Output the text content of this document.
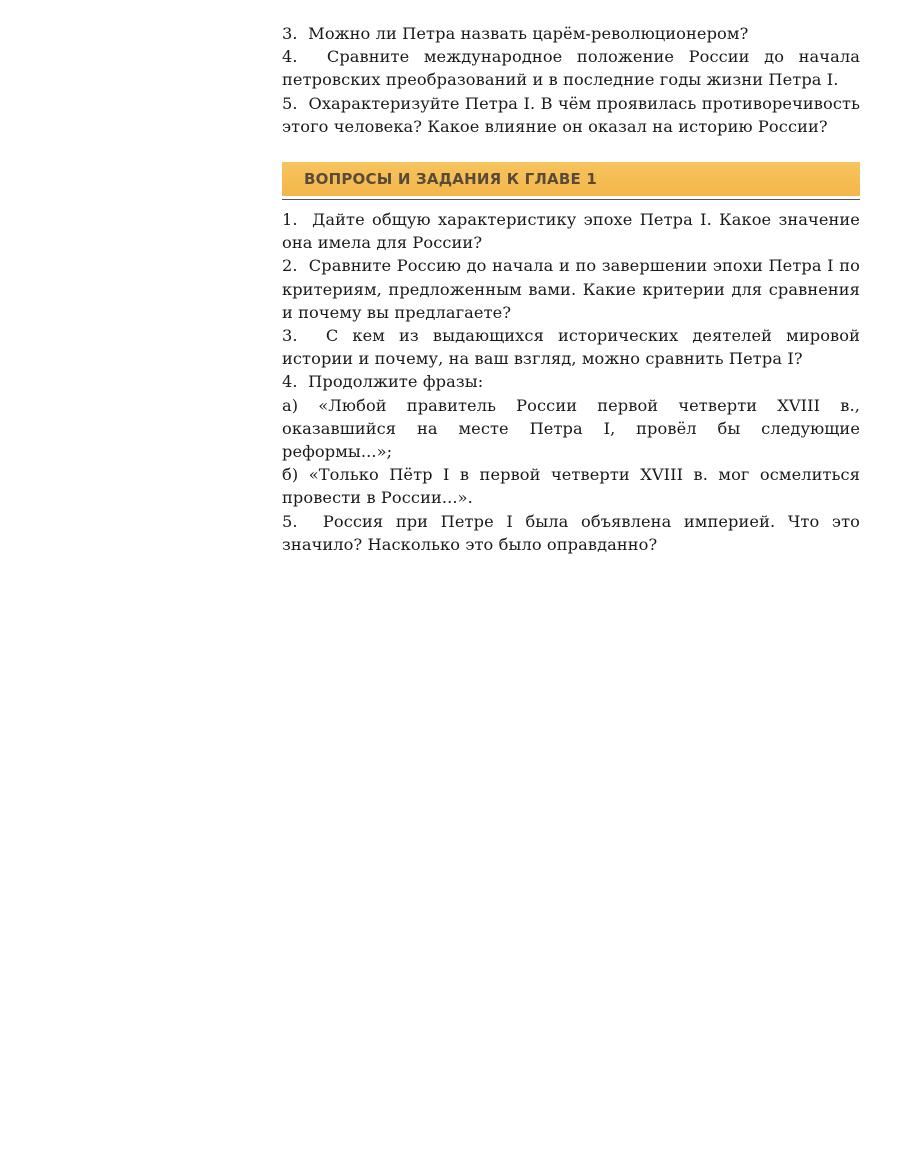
3. Можно ли Петра назвать царём-революционером?

4. Сравните международное положение России до начала петровских преобразований и в последние годы жизни Петра I.

5. Охарактеризуйте Петра I. В чём проявилась противоречивость этого человека? Какое влияние он оказал на историю России?

ВОПРОСЫ И ЗАДАНИЯ К ГЛАВЕ 1

1. Дайте общую характеристику эпохе Петра I. Какое значение она имела для России?

2. Сравните Россию до начала и по завершении эпохи Петра I по критериям, предложенным вами. Какие критерии для сравнения и почему вы предлагаете?

3. С кем из выдающихся исторических деятелей мировой истории и почему, на ваш взгляд, можно сравнить Петра I?

4. Продолжите фразы:

а) «Любой правитель России первой четверти XVIII в., оказавшийся на месте Петра I, провёл бы следующие реформы...»;

б) «Только Пётр I в первой четверти XVIII в. мог осмелиться провести в России...».

5. Россия при Петре I была объявлена империей. Что это значило? Насколько это было оправданно?
